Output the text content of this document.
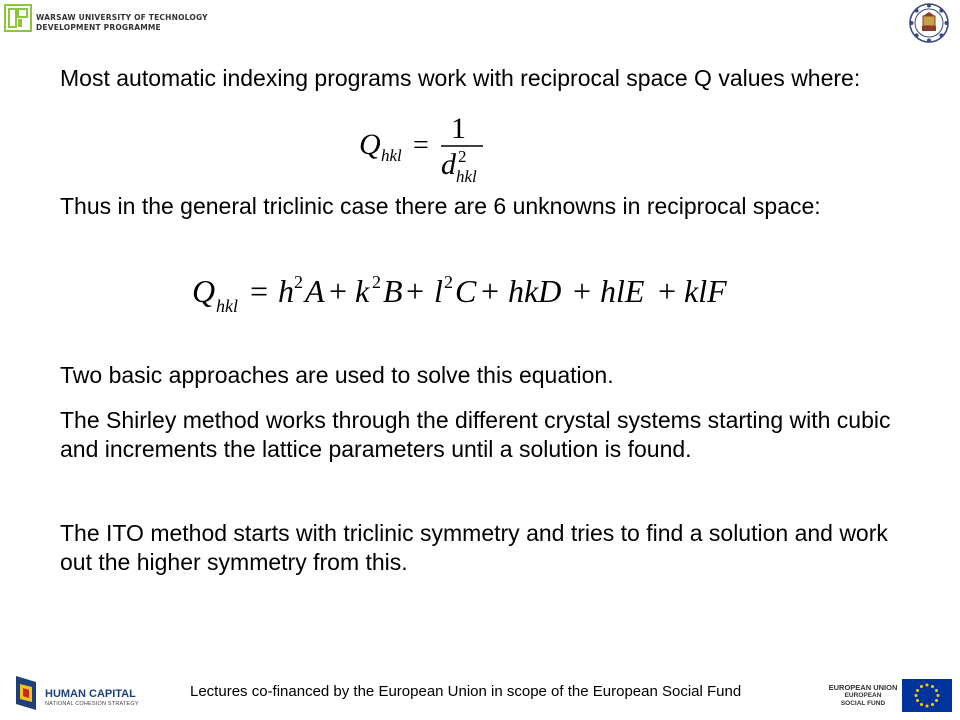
WARSAW UNIVERSITY OF TECHNOLOGY
DEVELOPMENT PROGRAMME
Most automatic indexing programs work with reciprocal space Q values where:
Q hkl =
1
d 2
hkl
Thus in the general triclinic case there are 6 unknowns in reciprocal space:
Q hkl = h 2 A + k 2 B + l 2 C + hkD + hlE + klF
Two basic approaches are used to solve this equation.
The Shirley method works through the different crystal systems starting with cubic and increments the lattice parameters until a solution is found.
The ITO method starts with triclinic symmetry and tries to find a solution and work out the higher symmetry from this.
HUMAN CAPITAL
NATIONAL COHESION STRATEGY
Lectures co-financed by the European Union in scope of the European Social Fund	EUROPEAN UNION
EUROPEAN
SOCIAL FUND
